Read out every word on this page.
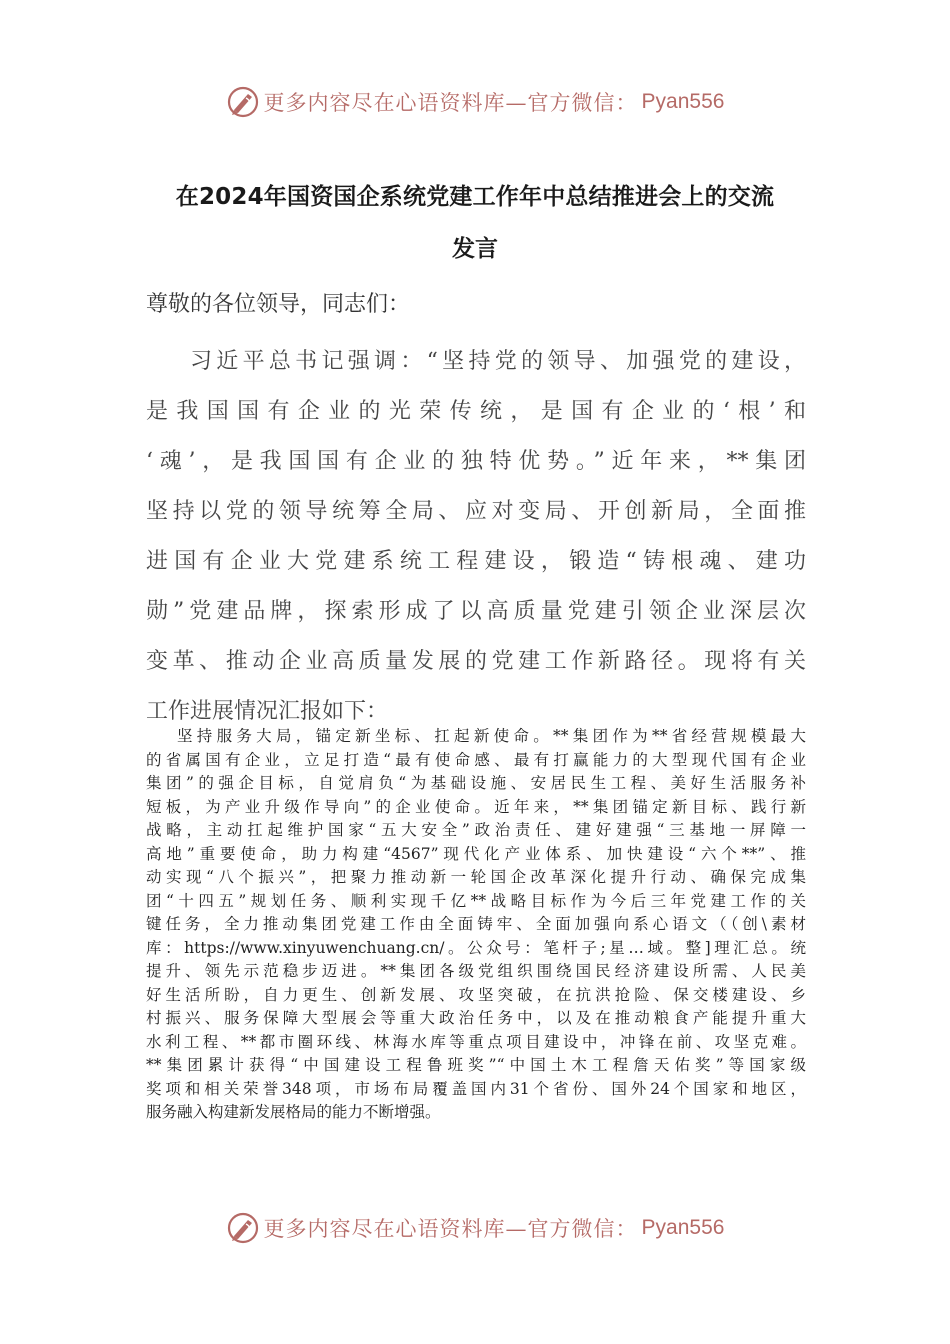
更多内容尽在心语资料库—官方微信： Pyan556
在2024年国资国企系统党建工作年中总结推进会上的交流
发言
尊敬的各位领导，同志们：
习近平总书记强调：“坚持党的领导、加强党的建设，
是我国国有企业的光荣传统，是国有企业的‘根’和
‘魂’，是我国国有企业的独特优势。”近年来，**集团
坚持以党的领导统筹全局、应对变局、开创新局，全面推
进国有企业大党建系统工程建设，锻造“铸根魂、建功
勋”党建品牌，探索形成了以高质量党建引领企业深层次
变革、推动企业高质量发展的党建工作新路径。现将有关
工作进展情况汇报如下：
坚持服务大局，锚定新坐标、扛起新使命。**集团作为**省经营规模最大
的省属国有企业，立足打造“最有使命感、最有打赢能力的大型现代国有企业
集团”的强企目标，自觉肩负“为基础设施、安居民生工程、美好生活服务补
短板，为产业升级作导向”的企业使命。近年来，**集团锚定新目标、践行新
战略，主动扛起维护国家“五大安全”政治责任、建好建强“三基地一屏障一
高地”重要使命，助力构建“4567”现代化产业体系、加快建设“六个**”、推
动实现“八个振兴”，把聚力推动新一轮国企改革深化提升行动、确保完成集
团“十四五”规划任务、顺利实现千亿**战略目标作为今后三年党建工作的关
键任务，全力推动集团党建工作由全面铸牢、全面加强向系心语文（（创\素材
库：https://www.xinyuwenchuang.cn/。公众号：笔杆子;星…域。整]理汇总。统
提升、领先示范稳步迈进。**集团各级党组织围绕国民经济建设所需、人民美
好生活所盼，自力更生、创新发展、攻坚突破，在抗洪抢险、保交楼建设、乡
村振兴、服务保障大型展会等重大政治任务中，以及在推动粮食产能提升重大
水利工程、**都市圈环线、林海水库等重点项目建设中，冲锋在前、攻坚克难。
**集团累计获得“中国建设工程鲁班奖”“中国土木工程詹天佑奖”等国家级
奖项和相关荣誉348项，市场布局覆盖国内31个省份、国外24个国家和地区，
服务融入构建新发展格局的能力不断增强。
更多内容尽在心语资料库—官方微信： Pyan556
